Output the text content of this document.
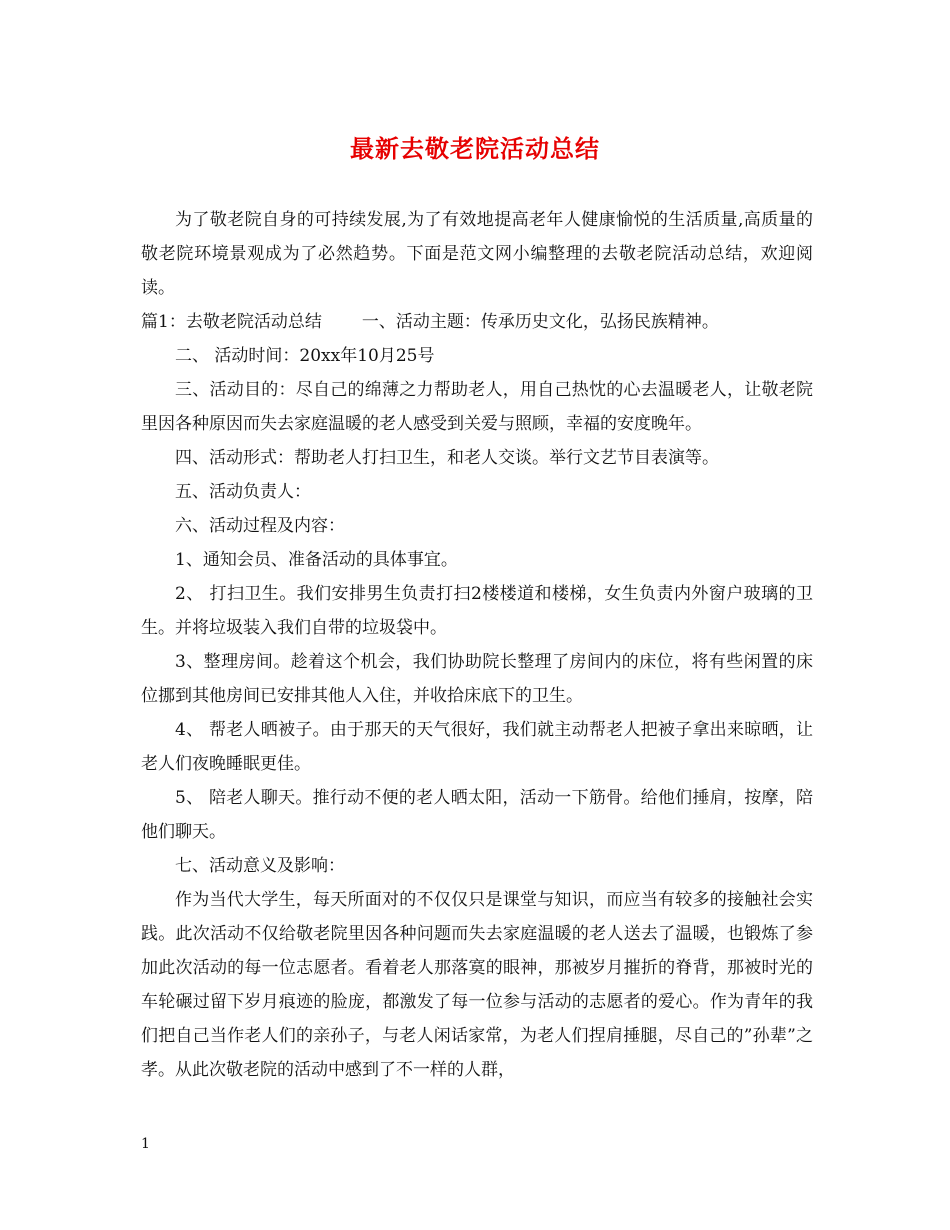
最新去敬老院活动总结

为了敬老院自身的可持续发展,为了有效地提高老年人健康愉悦的生活质量,高质量的敬老院环境景观成为了必然趋势。下面是范文网小编整理的去敬老院活动总结，欢迎阅读。

篇1：去敬老院活动总结 一、活动主题：传承历史文化，弘扬民族精神。

二、 活动时间：20xx年10月25号

三、活动目的：尽自己的绵薄之力帮助老人，用自己热忱的心去温暖老人，让敬老院里因各种原因而失去家庭温暖的老人感受到关爱与照顾，幸福的安度晚年。

四、活动形式：帮助老人打扫卫生，和老人交谈。举行文艺节目表演等。

五、活动负责人：

六、活动过程及内容：

1、通知会员、准备活动的具体事宜。

2、 打扫卫生。我们安排男生负责打扫2楼楼道和楼梯，女生负责内外窗户玻璃的卫生。并将垃圾装入我们自带的垃圾袋中。

3、整理房间。趁着这个机会，我们协助院长整理了房间内的床位，将有些闲置的床位挪到其他房间已安排其他人入住，并收拾床底下的卫生。

4、 帮老人晒被子。由于那天的天气很好，我们就主动帮老人把被子拿出来晾晒，让老人们夜晚睡眠更佳。

5、 陪老人聊天。推行动不便的老人晒太阳，活动一下筋骨。给他们捶肩，按摩，陪他们聊天。

七、活动意义及影响：

作为当代大学生，每天所面对的不仅仅只是课堂与知识，而应当有较多的接触社会实践。此次活动不仅给敬老院里因各种问题而失去家庭温暖的老人送去了温暖，也锻炼了参加此次活动的每一位志愿者。看着老人那落寞的眼神，那被岁月摧折的脊背，那被时光的车轮碾过留下岁月痕迹的脸庞，都激发了每一位参与活动的志愿者的爱心。作为青年的我们把自己当作老人们的亲孙子，与老人闲话家常，为老人们捏肩捶腿，尽自己的”孙辈”之孝。从此次敬老院的活动中感到了不一样的人群，

1
